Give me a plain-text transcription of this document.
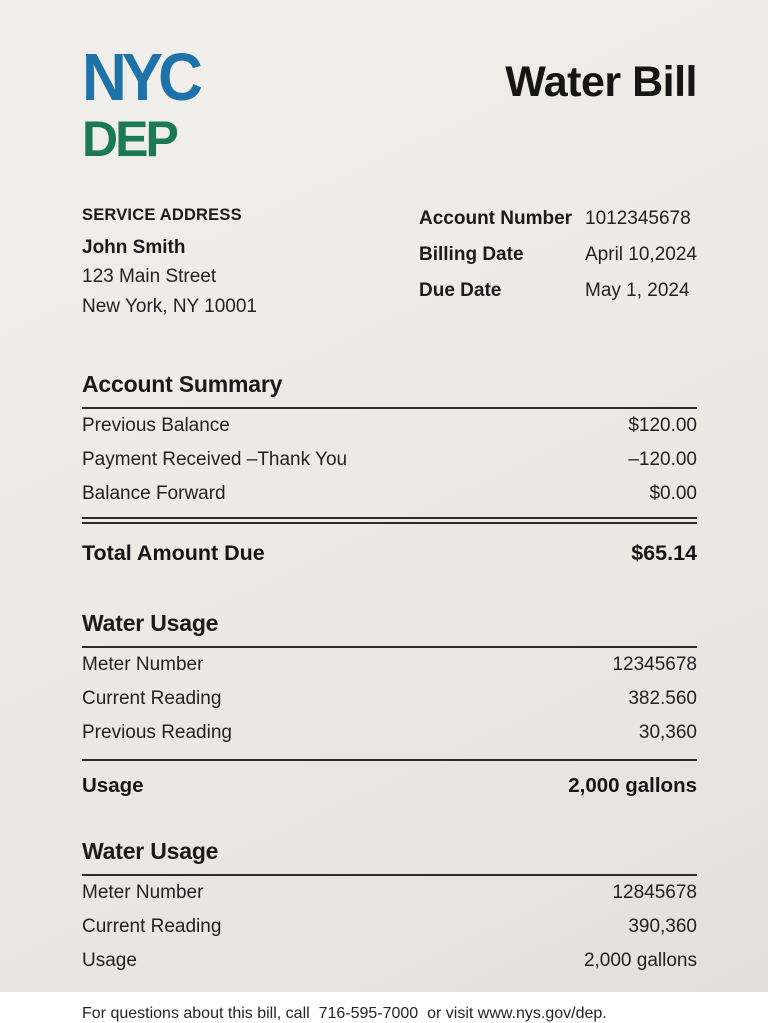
NYC
DEP
Water Bill
SERVICE ADDRESS
John Smith
123 Main Street
New York, NY 10001
Account Number 1012345678
Billing Date	April 10,2024
Due Date	May 1, 2024
Account Summary
Previous Balance	$120.00
Payment Received –Thank You	–120.00
Balance Forward	$0.00
Total Amount Due	$65.14
Water Usage
Meter Number	12345678
Current Reading	382.560
Previous Reading	30,360
Usage	2,000 gallons
Water Usage
Meter Number	12845678
Current Reading	390,360
Usage	2,000 gallons
For questions about this bill, call  716-595-7000  or visit www.nys.gov/dep.
